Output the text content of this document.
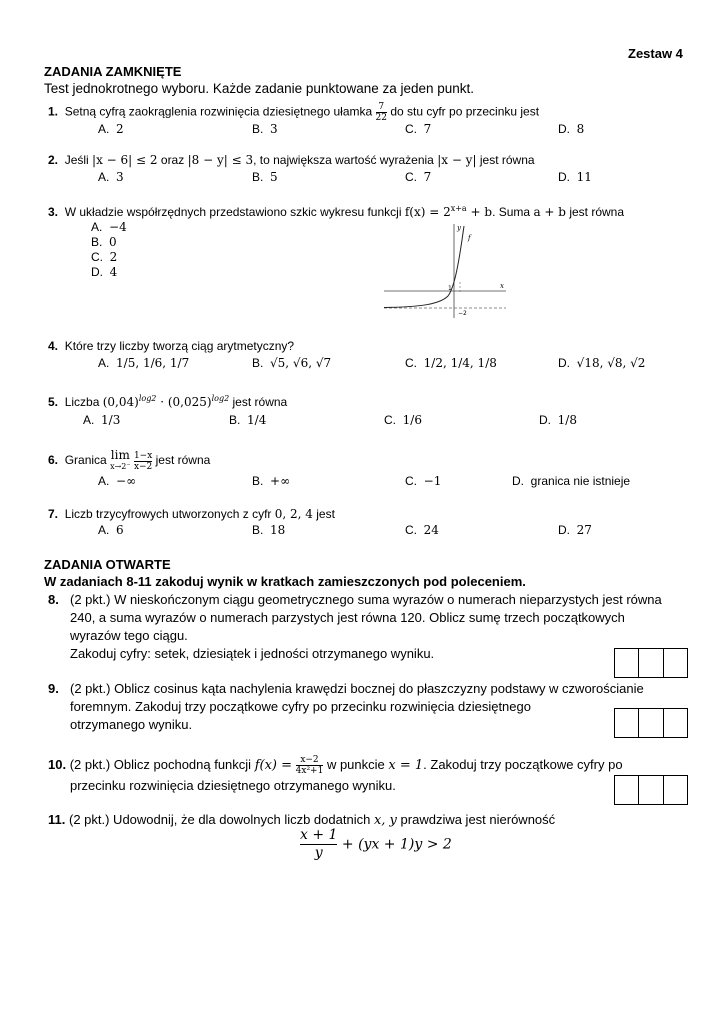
Zestaw 4
ZADANIA ZAMKNIĘTE
Test jednokrotnego wyboru. Każde zadanie punktowane za jeden punkt.
1. Setną cyfrą zaokrąglenia rozwinięcia dziesiętnego ułamka $\frac{7}{22}$ do stu cyfr po przecinku jest
A. 2	B. 3	C. 7	D. 8
2. Jeśli |x − 6| ≤ 2 oraz |8 − y| ≤ 3, to największa wartość wyrażenia |x − y| jest równa
A. 3	B. 5	C. 7	D. 11
3. W układzie współrzędnych przedstawiono szkic wykresu funkcji $f(x) = 2^{x+a} + b$. Suma a + b jest równa
A. −4
B. 0
C. 2
D. 4
y
f
x
1
−2
4. Które trzy liczby tworzą ciąg arytmetyczny?
A. 1/5, 1/6, 1/7	B. √5, √6, √7	C. 1/2, 1/4, 1/8	D. √18, √8, √2
5. Liczba $(0,04)^{log2} \cdot (0,025)^{log2}$ jest równa
A. 1/3	B. 1/4	C. 1/6	D. 1/8
6. Granica lim
x→2⁻
$\frac{1-x}{x-2}$ jest równa
A. −∞	B. +∞	C. −1	D. granica nie istnieje
7. Liczb trzycyfrowych utworzonych z cyfr 0, 2, 4 jest
A. 6	B. 18	C. 24	D. 27
ZADANIA OTWARTE
W zadaniach 8-11 zakoduj wynik w kratkach zamieszczonych pod poleceniem.
8. (2 pkt.) W nieskończonym ciągu geometrycznego suma wyrazów o numerach nieparzystych jest równa
240, a suma wyrazów o numerach parzystych jest równa 120. Oblicz sumę trzech początkowych
wyrazów tego ciągu.
Zakoduj cyfry: setek, dziesiątek i jedności otrzymanego wyniku.
9. (2 pkt.) Oblicz cosinus kąta nachylenia krawędzi bocznej do płaszczyzny podstawy w czworościanie
foremnym. Zakoduj trzy początkowe cyfry po przecinku rozwinięcia dziesiętnego
otrzymanego wyniku.
10. (2 pkt.) Oblicz pochodną funkcji $f(x) = \frac{x-2}{\text{4x²+1}}$ w punkcie x = 1. Zakoduj trzy początkowe cyfry po
przecinku rozwinięcia dziesiętnego otrzymanego wyniku.
11. (2 pkt.) Udowodnij, że dla dowolnych liczb dodatnich x, y prawdziwa jest nierówność
$\frac{x + 1}{y} + (yx + 1)y > 2$
